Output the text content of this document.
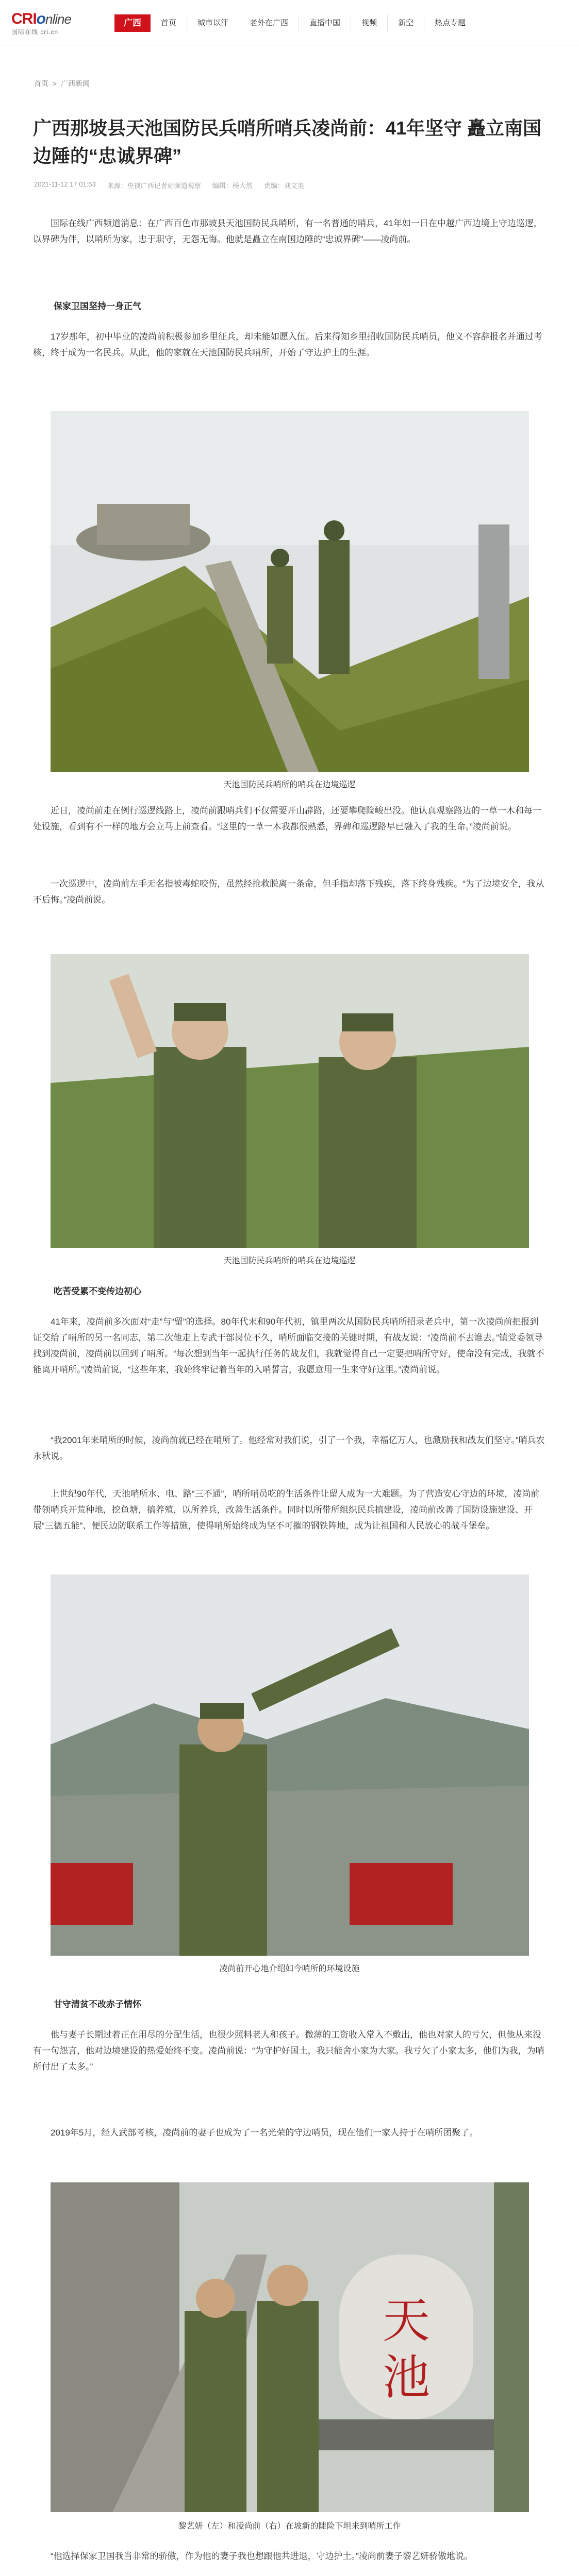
CRIonline
国际在线 cri.cn
广西	首页	城市以汗	老外在广西	直播中国	视频	新空	热点专题
首页 > 广西新闻
广西那坡县天池国防民兵哨所哨兵凌尚前：41年坚守 矗立南国边陲的“忠诚界碑”
2021-11-12 17:01:53 来源：央视广西记者站频道观察 编辑：杨大然 责编：刘文美

国际在线广西频道消息：在广西百色市那坡县天池国防民兵哨所，有一名普通的哨兵，41年如一日在中越广西边境上守边巡逻，以界碑为伴，以哨所为家，忠于职守，无怨无悔。他就是矗立在南国边陲的“忠诚界碑”——凌尚前。

保家卫国坚持一身正气

17岁那年，初中毕业的凌尚前积极参加乡里征兵，却未能如愿入伍。后来得知乡里招收国防民兵哨员，他义不容辞报名并通过考核，终于成为一名民兵。从此，他的家就在天池国防民兵哨所，开始了守边护土的生涯。

天池国防民兵哨所的哨兵在边境巡逻

近日，凌尚前走在例行巡逻线路上，凌尚前跟哨兵们不仅需要开山辟路，还要攀爬险峻出没。他认真观察路边的一草一木和每一处设施，看到有不一样的地方会立马上前查看。“这里的一草一木我都很熟悉，界碑和巡逻路早已融入了我的生命。”凌尚前说。

一次巡逻中，凌尚前左手无名指被毒蛇咬伤，虽然经抢救脱离一条命，但手指却落下残疾，落下终身残疾。“为了边境安全，我从不后悔。”凌尚前说。

天池国防民兵哨所的哨兵在边境巡逻
吃苦受累不变传边初心

41年来，凌尚前多次面对“走”与“留”的选择。80年代末和90年代初，镇里两次从国防民兵哨所招录老兵中，第一次凌尚前把报到证交给了哨所的另一名同志，第二次他走上专武干部岗位不久，哨所面临交接的关键时期，有战友说：“凌尚前不去谁去。”镇党委领导找到凌尚前，凌尚前以回到了哨所。“每次想到当年一起执行任务的战友们，我就觉得自己一定要把哨所守好，使命没有完成，我就不能离开哨所。”凌尚前说，“这些年来，我始终牢记着当年的入哨誓言，我愿意用一生来守好这里。”凌尚前说。

“我2001年来哨所的时候，凌尚前就已经在哨所了。他经常对我们说，引了一个我，幸福亿万人，也激励我和战友们坚守。”哨兵农永秋说。

上世纪90年代，天池哨所水、电、路“三不通”，哨所哨员吃的生活条件让留人成为一大难题。为了营造安心守边的环境，凌尚前带领哨兵开荒种地，挖鱼塘，搞养殖，以所养兵，改善生活条件。同时以所带所组织民兵搞建设，凌尚前改善了国防设施建设、开展“三德五能”、便民边防联系工作等措施，使得哨所始终成为坚不可摧的钢铁阵地，成为让祖国和人民放心的战斗堡垒。

凌尚前开心地介绍如今哨所的环境设施
甘守清贫不改赤子情怀

他与妻子长期过着正在用尽的分配生活，也很少照料老人和孩子。微薄的工资收入常入不敷出，他也对家人的亏欠，但他从来没有一句怨言，他对边境建设的热爱始终不变。凌尚前说：“为守护好国土，我只能舍小家为大家。我亏欠了小家太多，他们为我，为哨所付出了太多。”

2019年5月，经人武部考核，凌尚前的妻子也成为了一名光荣的守边哨员，现在他们一家人持于在哨所团聚了。

天
池
黎艺妍（左）和凌尚前（右）在坡新的陡险下坦来到哨所工作

“他选择保家卫国我当非常的骄傲，作为他的妻子我也想跟他共进退，守边护土。”凌尚前妻子黎艺妍骄傲地说。
